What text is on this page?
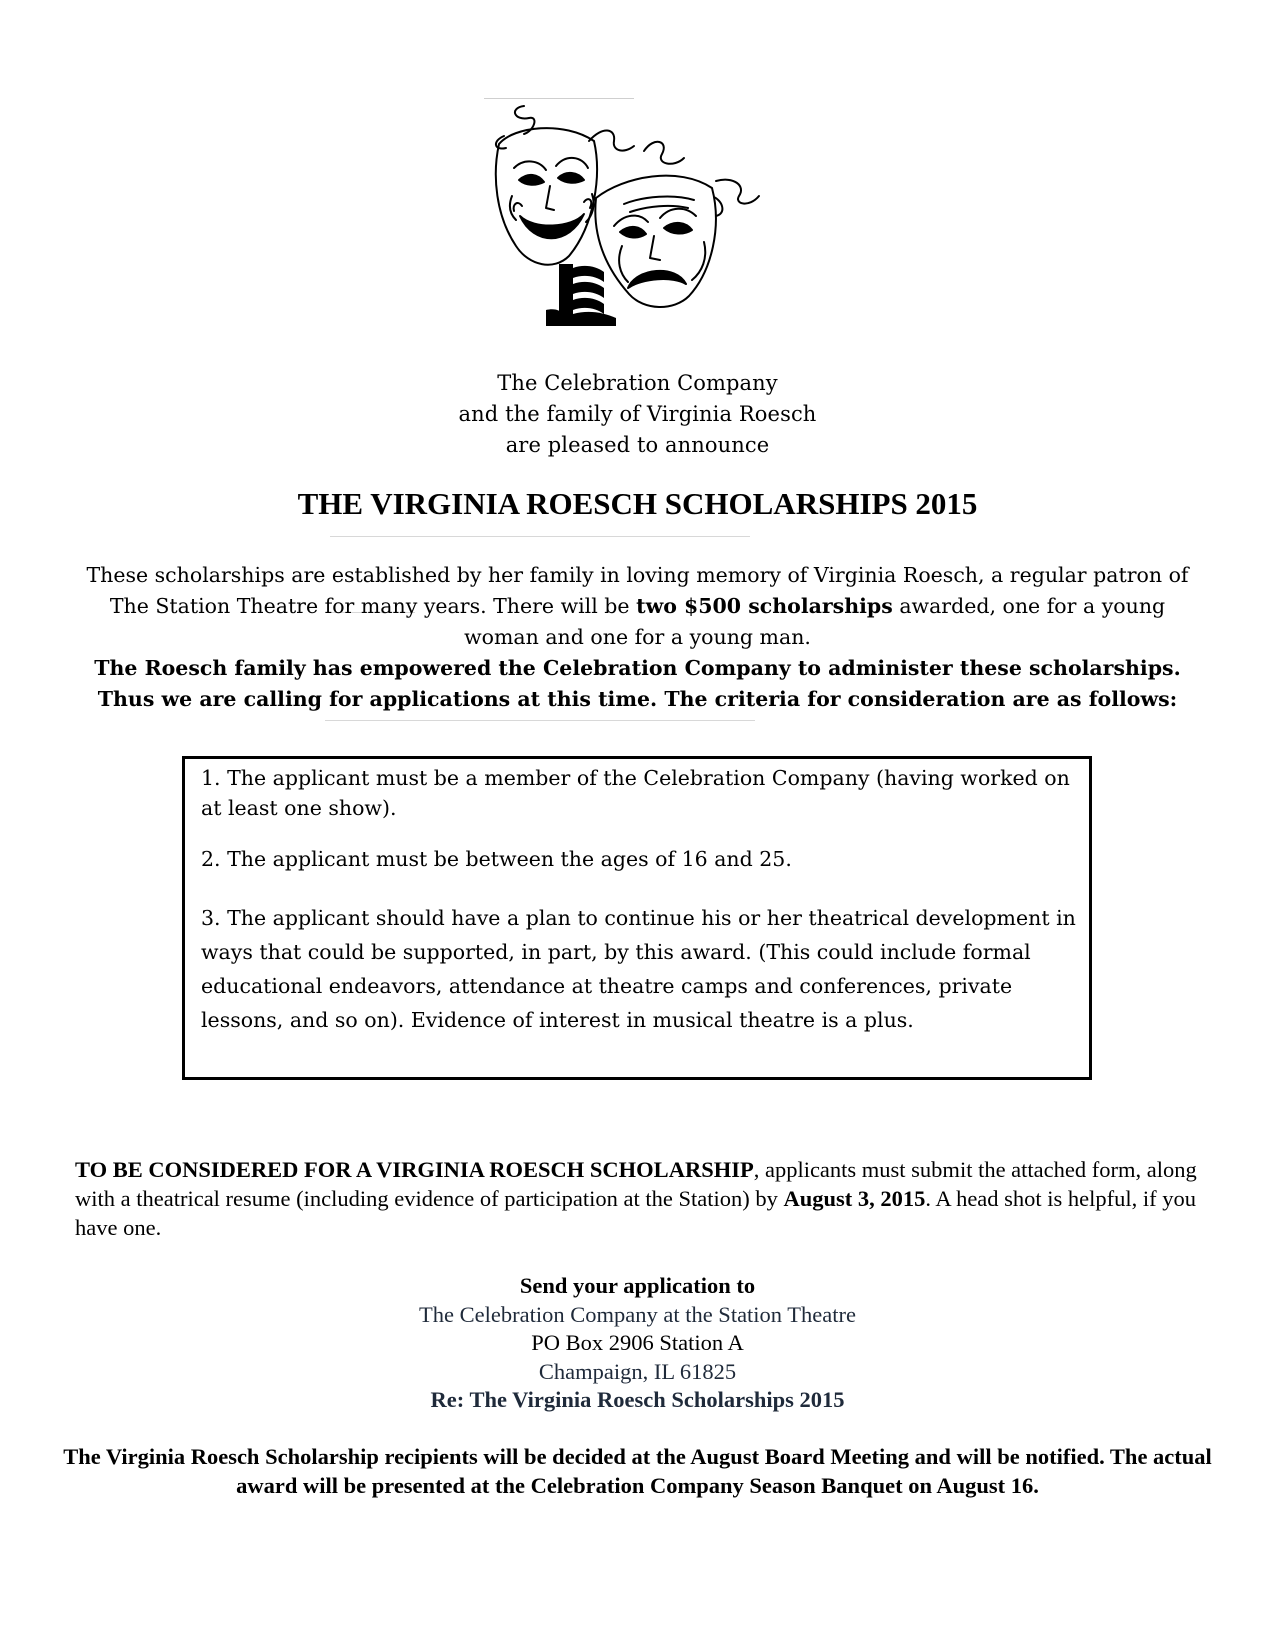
The Celebration Company
and the family of Virginia Roesch
are pleased to announce
THE VIRGINIA ROESCH SCHOLARSHIPS 2015
These scholarships are established by her family in loving memory of Virginia Roesch, a regular patron of The Station Theatre for many years. There will be two $500 scholarships awarded, one for a young woman and one for a young man.
The Roesch family has empowered the Celebration Company to administer these scholarships. Thus we are calling for applications at this time. The criteria for consideration are as follows:
1. The applicant must be a member of the Celebration Company (having worked on at least one show).
2. The applicant must be between the ages of 16 and 25.
3. The applicant should have a plan to continue his or her theatrical development in ways that could be supported, in part, by this award. (This could include formal educational endeavors, attendance at theatre camps and conferences, private lessons, and so on). Evidence of interest in musical theatre is a plus.
TO BE CONSIDERED FOR A VIRGINIA ROESCH SCHOLARSHIP, applicants must submit the attached form, along with a theatrical resume (including evidence of participation at the Station) by August 3, 2015. A head shot is helpful, if you have one.
Send your application to
The Celebration Company at the Station Theatre
PO Box 2906 Station A
Champaign, IL 61825
Re: The Virginia Roesch Scholarships 2015
The Virginia Roesch Scholarship recipients will be decided at the August Board Meeting and will be notified. The actual award will be presented at the Celebration Company Season Banquet on August 16.
